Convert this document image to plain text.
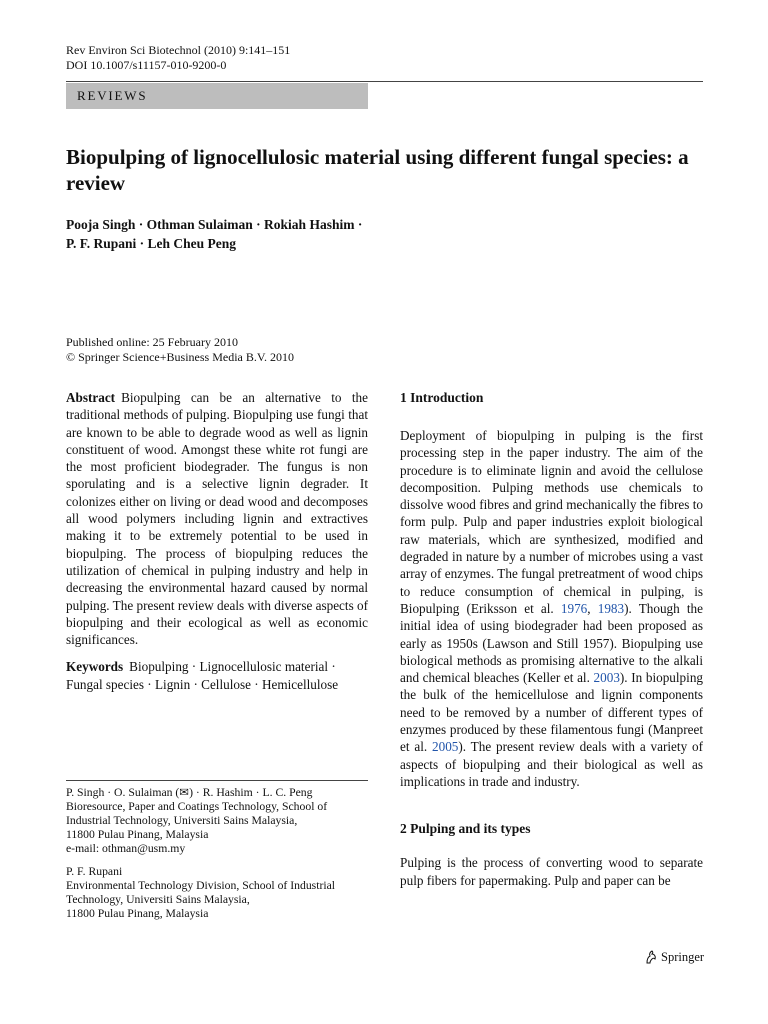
Rev Environ Sci Biotechnol (2010) 9:141–151
DOI 10.1007/s11157-010-9200-0
REVIEWS
Biopulping of lignocellulosic material using different fungal species: a review
Pooja Singh · Othman Sulaiman · Rokiah Hashim ·
P. F. Rupani · Leh Cheu Peng
Published online: 25 February 2010
© Springer Science+Business Media B.V. 2010

Abstract Biopulping can be an alternative to the traditional methods of pulping. Biopulping use fungi that are known to be able to degrade wood as well as lignin constituent of wood. Amongst these white rot fungi are the most proficient biodegrader. The fungus is non sporulating and is a selective lignin degrader. It colonizes either on living or dead wood and decomposes all wood polymers including lignin and extractives making it to be extremely potential to be used in biopulping. The process of biopulping reduces the utilization of chemical in pulping industry and help in decreasing the environmental hazard caused by normal pulping. The present review deals with diverse aspects of biopulping and their ecological as well as economic significances.

Keywords Biopulping · Lignocellulosic material · Fungal species · Lignin · Cellulose · Hemicellulose

P. Singh · O. Sulaiman (✉) · R. Hashim · L. C. Peng
Bioresource, Paper and Coatings Technology, School of
Industrial Technology, Universiti Sains Malaysia,
11800 Pulau Pinang, Malaysia
e-mail: othman@usm.my

P. F. Rupani
Environmental Technology Division, School of Industrial
Technology, Universiti Sains Malaysia,
11800 Pulau Pinang, Malaysia

1 Introduction

Deployment of biopulping in pulping is the first processing step in the paper industry. The aim of the procedure is to eliminate lignin and avoid the cellulose decomposition. Pulping methods use chemicals to dissolve wood fibres and grind mechanically the fibres to form pulp. Pulp and paper industries exploit biological raw materials, which are synthesized, modified and degraded in nature by a number of microbes using a vast array of enzymes. The fungal pretreatment of wood chips to reduce consumption of chemical in pulping, is Biopulping (Eriksson et al. 1976, 1983). Though the initial idea of using biodegrader had been proposed as early as 1950s (Lawson and Still 1957). Biopulping use biological methods as promising alternative to the alkali and chemical bleaches (Keller et al. 2003). In biopulping the bulk of the hemicellulose and lignin components need to be removed by a number of different types of enzymes produced by these filamentous fungi (Manpreet et al. 2005). The present review deals with a variety of aspects of biopulping and their biological as well as implications in trade and industry.

2 Pulping and its types

Pulping is the process of converting wood to separate pulp fibers for papermaking. Pulp and paper can be

Springer
